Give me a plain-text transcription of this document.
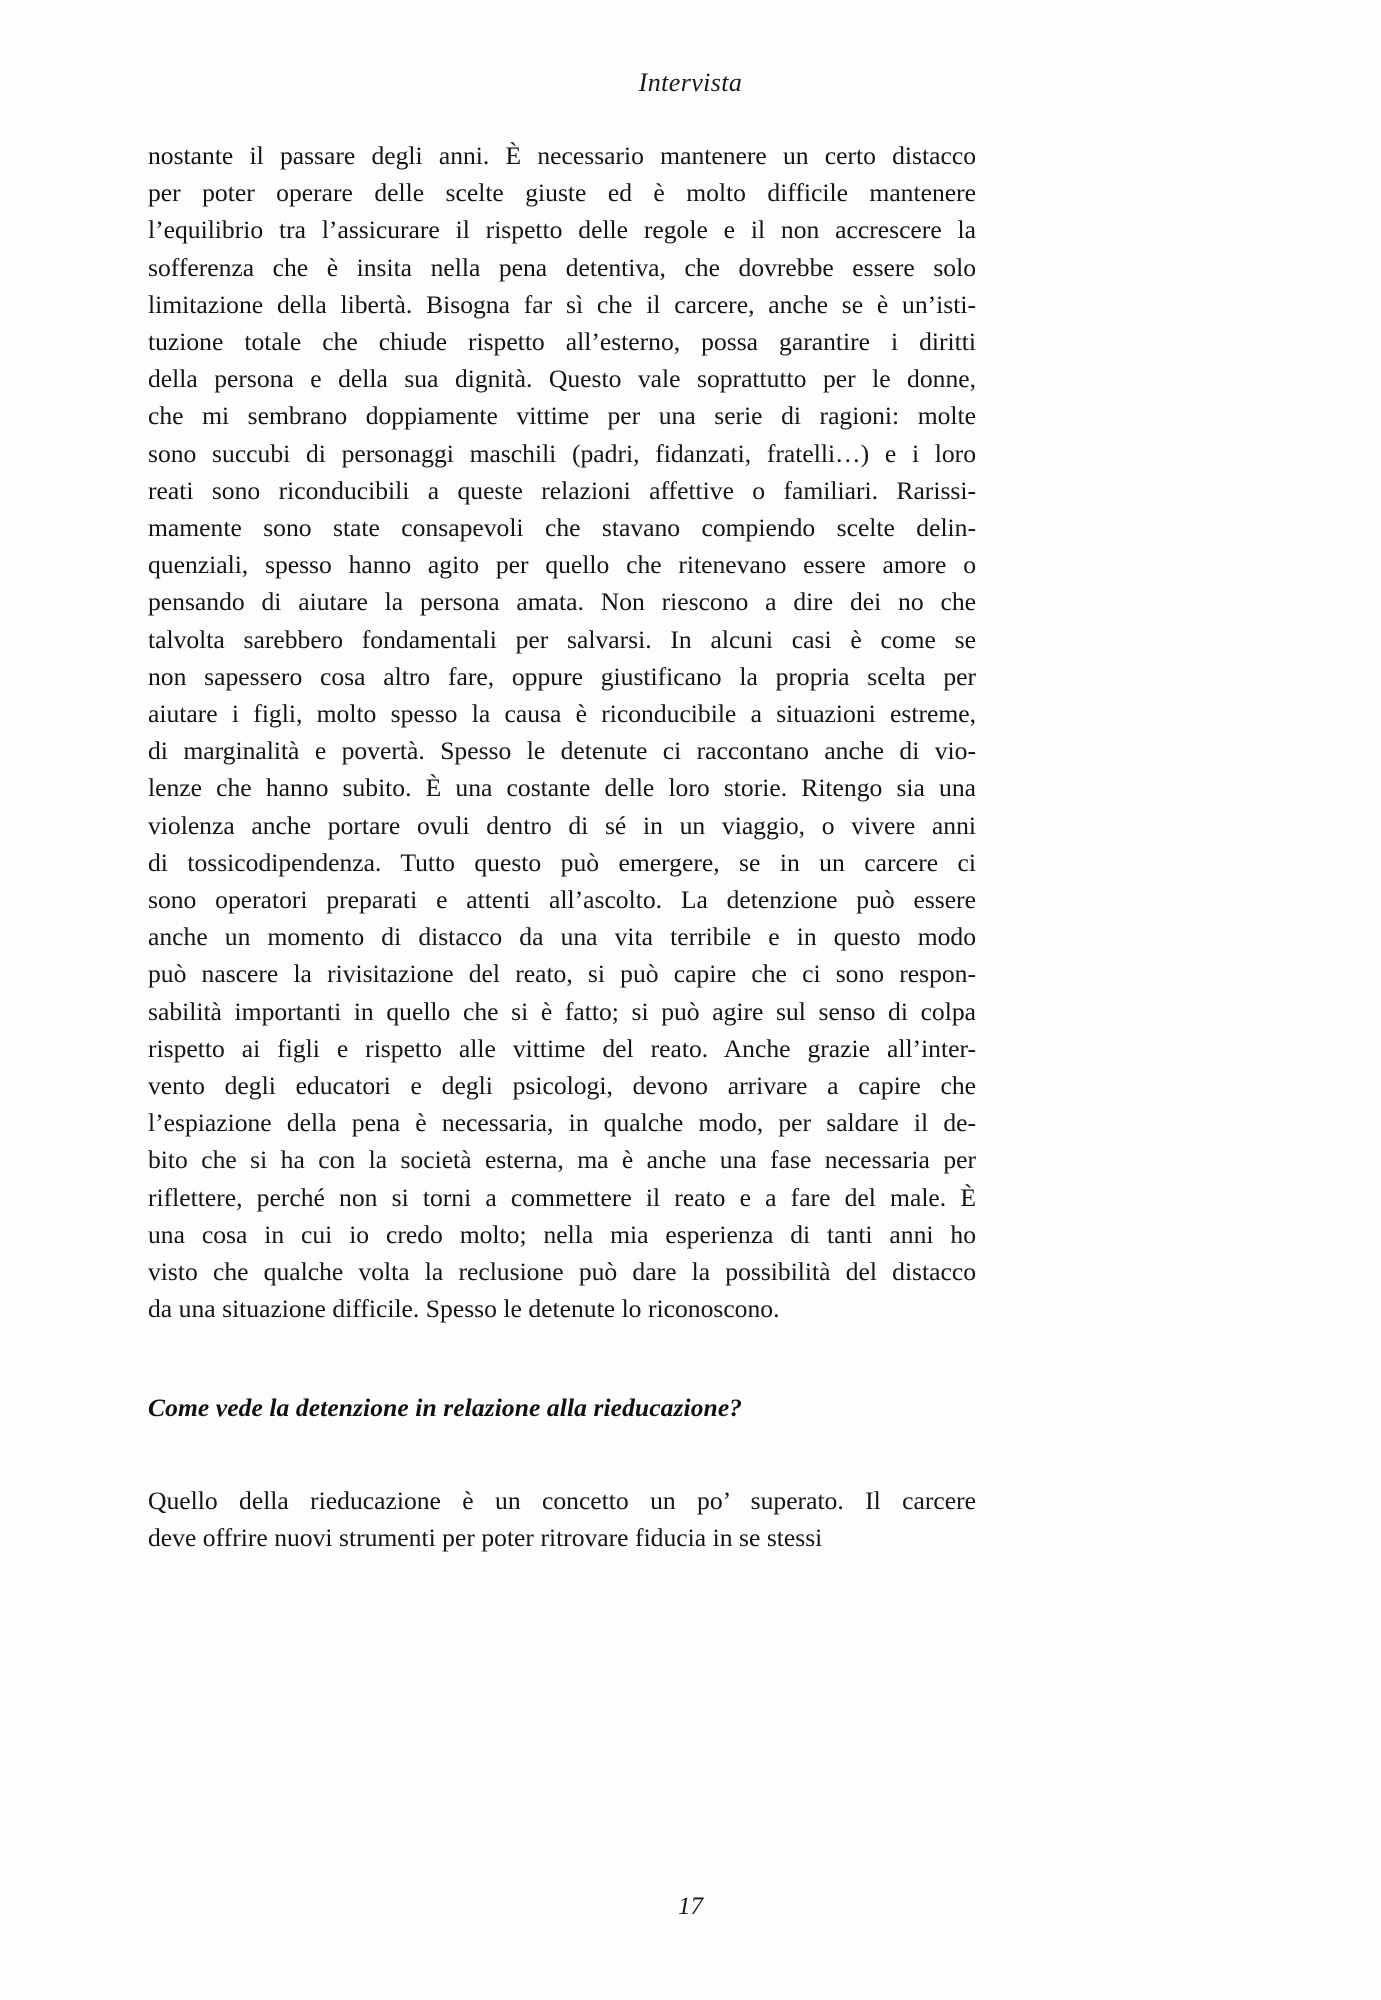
Intervista

nostante il passare degli anni. È necessario mantenere un certo distacco
per poter operare delle scelte giuste ed è molto difficile mantenere
l’equilibrio tra l’assicurare il rispetto delle regole e il non accrescere la
sofferenza che è insita nella pena detentiva, che dovrebbe essere solo
limitazione della libertà. Bisogna far sì che il carcere, anche se è un’isti-
tuzione totale che chiude rispetto all’esterno, possa garantire i diritti
della persona e della sua dignità. Questo vale soprattutto per le donne,
che mi sembrano doppiamente vittime per una serie di ragioni: molte
sono succubi di personaggi maschili (padri, fidanzati, fratelli…) e i loro
reati sono riconducibili a queste relazioni affettive o familiari. Rarissi-
mamente sono state consapevoli che stavano compiendo scelte delin-
quenziali, spesso hanno agito per quello che ritenevano essere amore o
pensando di aiutare la persona amata. Non riescono a dire dei no che
talvolta sarebbero fondamentali per salvarsi. In alcuni casi è come se
non sapessero cosa altro fare, oppure giustificano la propria scelta per
aiutare i figli, molto spesso la causa è riconducibile a situazioni estreme,
di marginalità e povertà. Spesso le detenute ci raccontano anche di vio-
lenze che hanno subito. È una costante delle loro storie. Ritengo sia una
violenza anche portare ovuli dentro di sé in un viaggio, o vivere anni
di tossicodipendenza. Tutto questo può emergere, se in un carcere ci
sono operatori preparati e attenti all’ascolto. La detenzione può essere
anche un momento di distacco da una vita terribile e in questo modo
può nascere la rivisitazione del reato, si può capire che ci sono respon-
sabilità importanti in quello che si è fatto; si può agire sul senso di colpa
rispetto ai figli e rispetto alle vittime del reato. Anche grazie all’inter-
vento degli educatori e degli psicologi, devono arrivare a capire che
l’espiazione della pena è necessaria, in qualche modo, per saldare il de-
bito che si ha con la società esterna, ma è anche una fase necessaria per
riflettere, perché non si torni a commettere il reato e a fare del male. È
una cosa in cui io credo molto; nella mia esperienza di tanti anni ho
visto che qualche volta la reclusione può dare la possibilità del distacco
da una situazione difficile. Spesso le detenute lo riconoscono.

Come vede la detenzione in relazione alla rieducazione?

Quello della rieducazione è un concetto un po’ superato. Il carcere
deve offrire nuovi strumenti per poter ritrovare fiducia in se stessi

17
